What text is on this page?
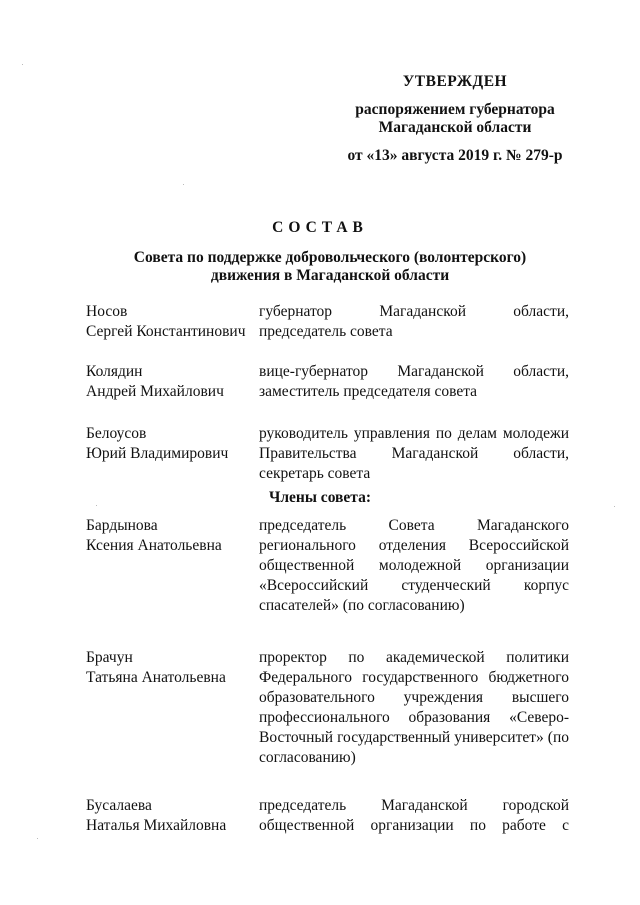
УТВЕРЖДЕН
распоряжением губернатора
Магаданской области
от «13» августа 2019 г. № 279-р
СОСТАВ
Совета по поддержке добровольческого (волонтерского)
движения в Магаданской области
Носов
Сергей Константинович
губернатор Магаданской области,
председатель совета
Колядин
Андрей Михайлович
вице-губернатор Магаданской области,
заместитель председателя совета
Белоусов
Юрий Владимирович
руководитель управления по делам молодежи
Правительства Магаданской области,
секретарь совета
Члены совета:
Бардынова
Ксения Анатольевна
председатель Совета Магаданского
регионального отделения Всероссийской
общественной молодежной организации
«Всероссийский студенческий корпус
спасателей» (по согласованию)
Брачун
Татьяна Анатольевна
проректор по академической политики
Федерального государственного бюджетного
образовательного учреждения высшего
профессионального образования «Северо-
Восточный государственный университет» (по
согласованию)
Бусалаева
Наталья Михайловна
председатель Магаданской городской
общественной организации по работе с
